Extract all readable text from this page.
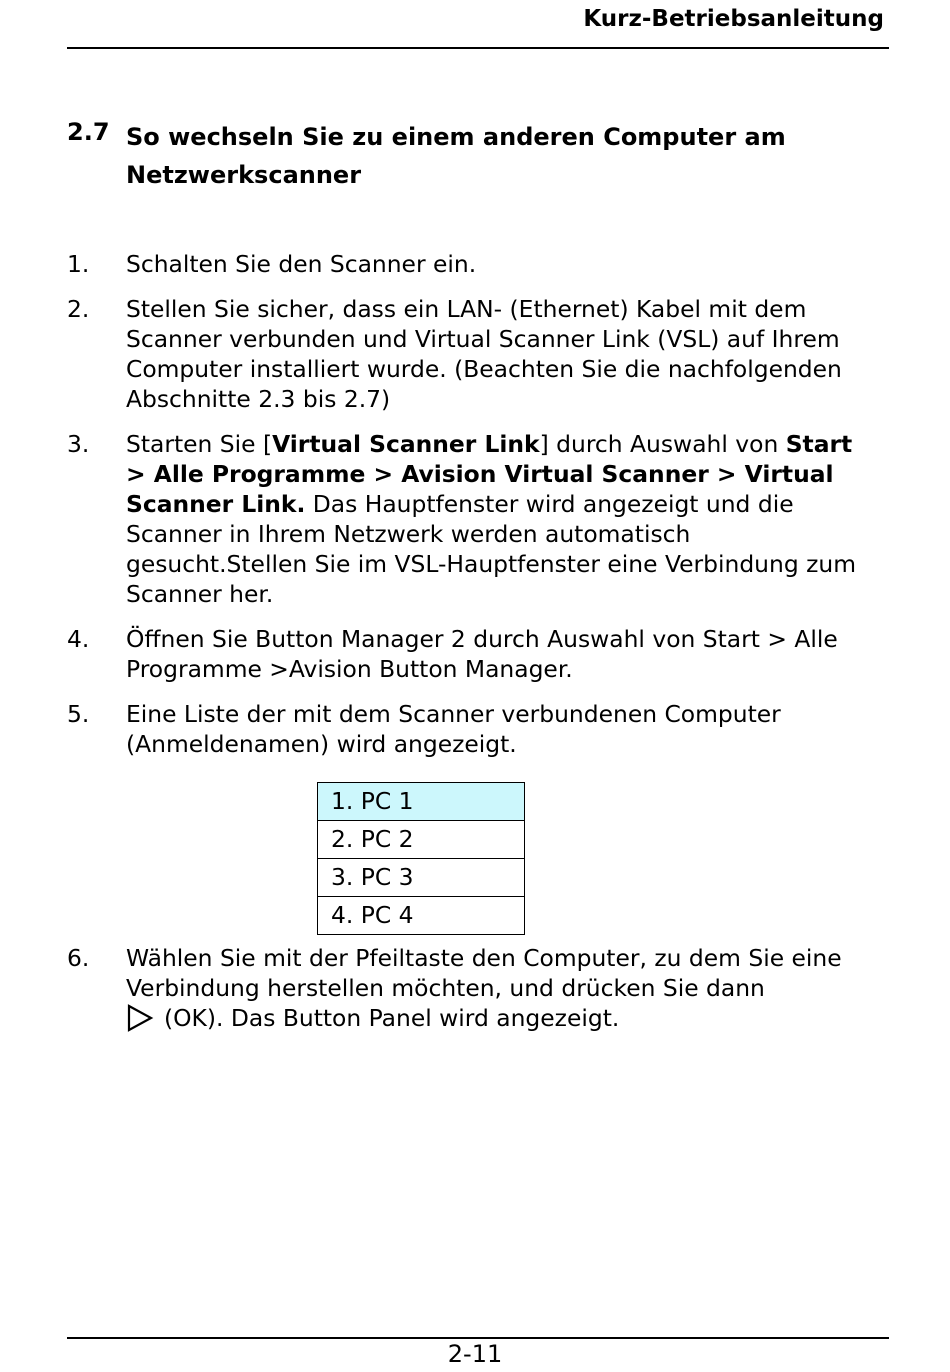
Kurz-Betriebsanleitung
2.7 So wechseln Sie zu einem anderen Computer am Netzwerkscanner
1. Schalten Sie den Scanner ein.
2. Stellen Sie sicher, dass ein LAN- (Ethernet) Kabel mit dem Scanner verbunden und Virtual Scanner Link (VSL) auf Ihrem Computer installiert wurde. (Beachten Sie die nachfolgenden Abschnitte 2.3 bis 2.7)
3. Starten Sie [Virtual Scanner Link] durch Auswahl von Start > Alle Programme > Avision Virtual Scanner > Virtual Scanner Link. Das Hauptfenster wird angezeigt und die Scanner in Ihrem Netzwerk werden automatisch gesucht.Stellen Sie im VSL-Hauptfenster eine Verbindung zum Scanner her.
4. Öffnen Sie Button Manager 2 durch Auswahl von Start > Alle Programme >Avision Button Manager.
5. Eine Liste der mit dem Scanner verbundenen Computer (Anmeldenamen) wird angezeigt.
1. PC 1
2. PC 2
3. PC 3
4. PC 4
6. Wählen Sie mit der Pfeiltaste den Computer, zu dem Sie eine Verbindung herstellen möchten, und drücken Sie dann
(OK). Das Button Panel wird angezeigt.
2-11
